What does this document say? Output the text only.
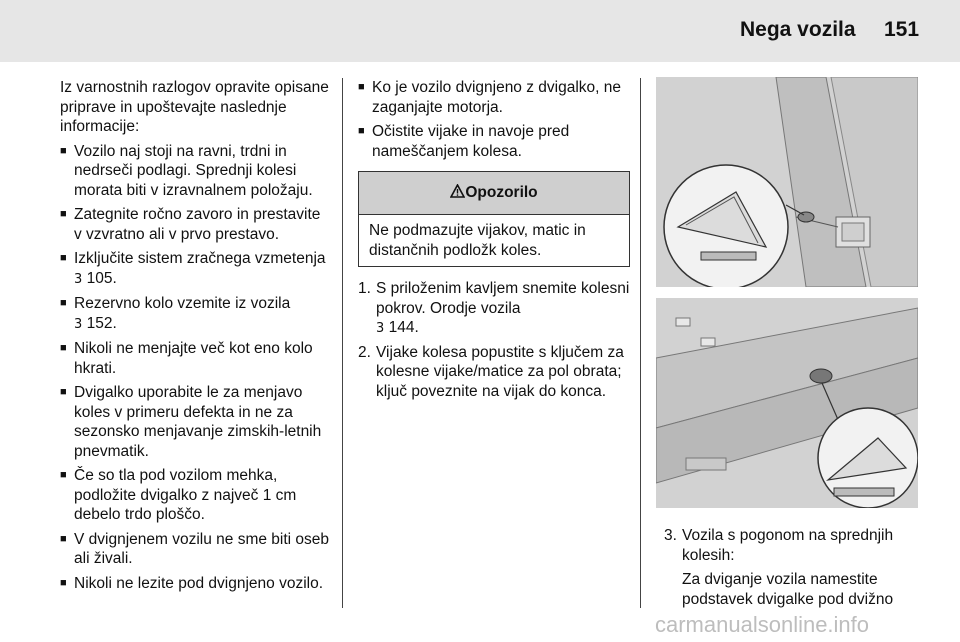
Nega vozila 151

Iz varnostnih razlogov opravite opisane priprave in upoštevajte naslednje informacije:

■ Vozilo naj stoji na ravni, trdni in nedrseči podlagi. Sprednji kolesi morata biti v izravnalnem položaju.
■ Zategnite ročno zavoro in prestavite v vzvratno ali v prvo prestavo.
■ Izključite sistem zračnega vzmetenja 3 105.
■ Rezervno kolo vzemite iz vozila
3 152.
■ Nikoli ne menjajte več kot eno kolo hkrati.
■ Dvigalko uporabite le za menjavo koles v primeru defekta in ne za sezonsko menjavanje zimskih-letnih pnevmatik.
■ Če so tla pod vozilom mehka, podložite dvigalko z največ 1 cm debelo trdo ploščo.
■ V dvignjenem vozilu ne sme biti oseb ali živali.
■ Nikoli ne lezite pod dvignjeno vozilo.
■ Ko je vozilo dvignjeno z dvigalko, ne zaganjajte motorja.
■ Očistite vijake in navoje pred nameščanjem kolesa.
Opozorilo
Ne podmazujte vijakov, matic in distančnih podložk koles.
1. S priloženim kavljem snemite kolesni pokrov. Orodje vozila
3 144.
2. Vijake kolesa popustite s ključem za kolesne vijake/matice za pol obrata; ključ poveznite na vijak do konca.
3. Vozila s pogonom na sprednjih kolesih:
Za dviganje vozila namestite podstavek dvigalke pod dvižno
carmanualsonline.info
